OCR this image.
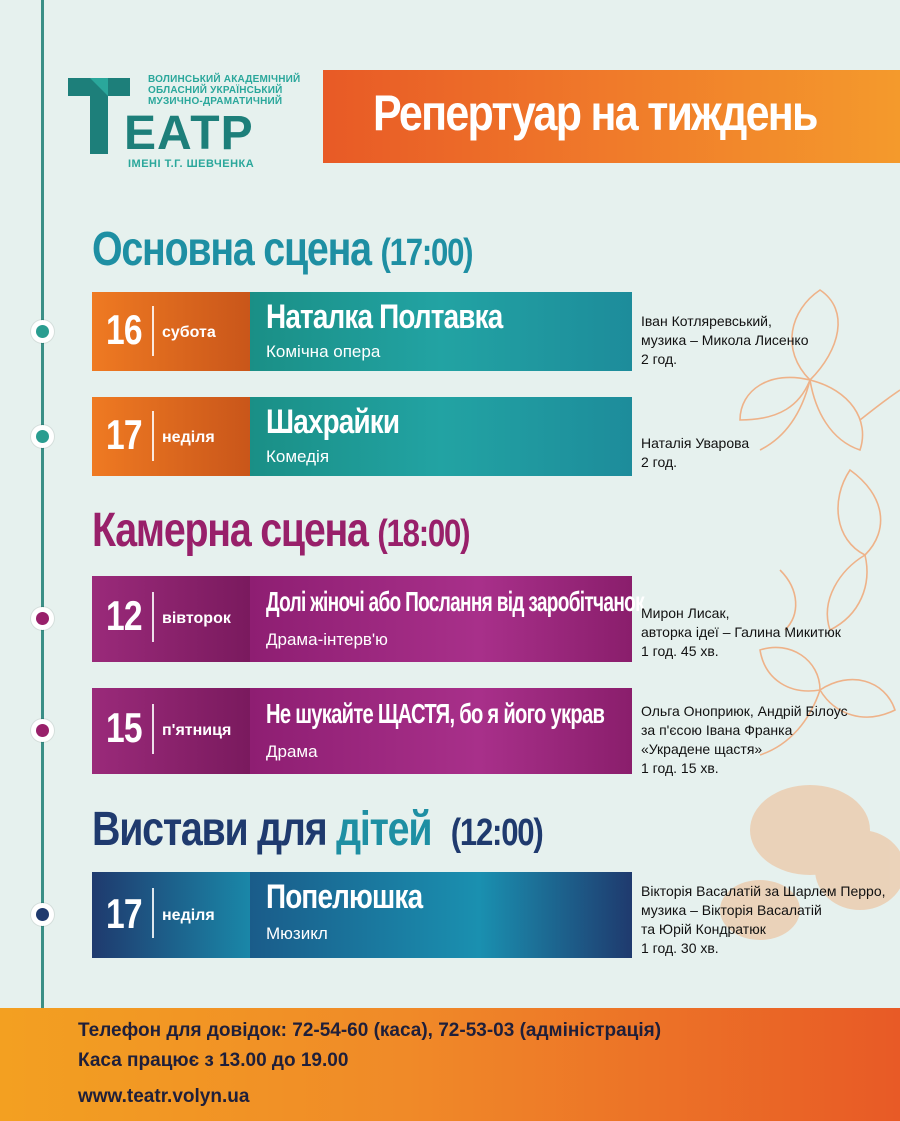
ВОЛИНСЬКИЙ АКАДЕМІЧНИЙ
ОБЛАСНИЙ УКРАЇНСЬКИЙ
МУЗИЧНО-ДРАМАТИЧНИЙ
ЕАТР
ІМЕНІ Т.Г. ШЕВЧЕНКА
Репертуар на тиждень
Основна сцена (17:00)
Камерна сцена (18:00)
Вистави для дітей (12:00)
16 субота Наталка Полтавка
Комічна опера
Іван Котляревський,
музика – Микола Лисенко
2 год.
17 неділя Шахрайки
Комедія
Наталія Уварова
2 год.
12 вівторок
Долі жіночі або Послання від заробітчанок
Драма-інтерв'ю
Мирон Лисак,
авторка ідеї – Галина Микитюк
1 год. 45 хв.
15 п'ятниця
Не шукайте ЩАСТЯ, бо я його украв
Драма
Ольга Оноприюк, Андрій Білоус
за п'єсою Івана Франка
«Украдене щастя»
1 год. 15 хв.
17 неділя Попелюшка
Мюзикл
Вікторія Васалатій за Шарлем Перро,
музика – Вікторія Васалатій
та Юрій Кондратюк
1 год. 30 хв.
Телефон для довідок: 72-54-60 (каса), 72-53-03 (адміністрація)
Каса працює з 13.00 до 19.00
www.teatr.volyn.ua
